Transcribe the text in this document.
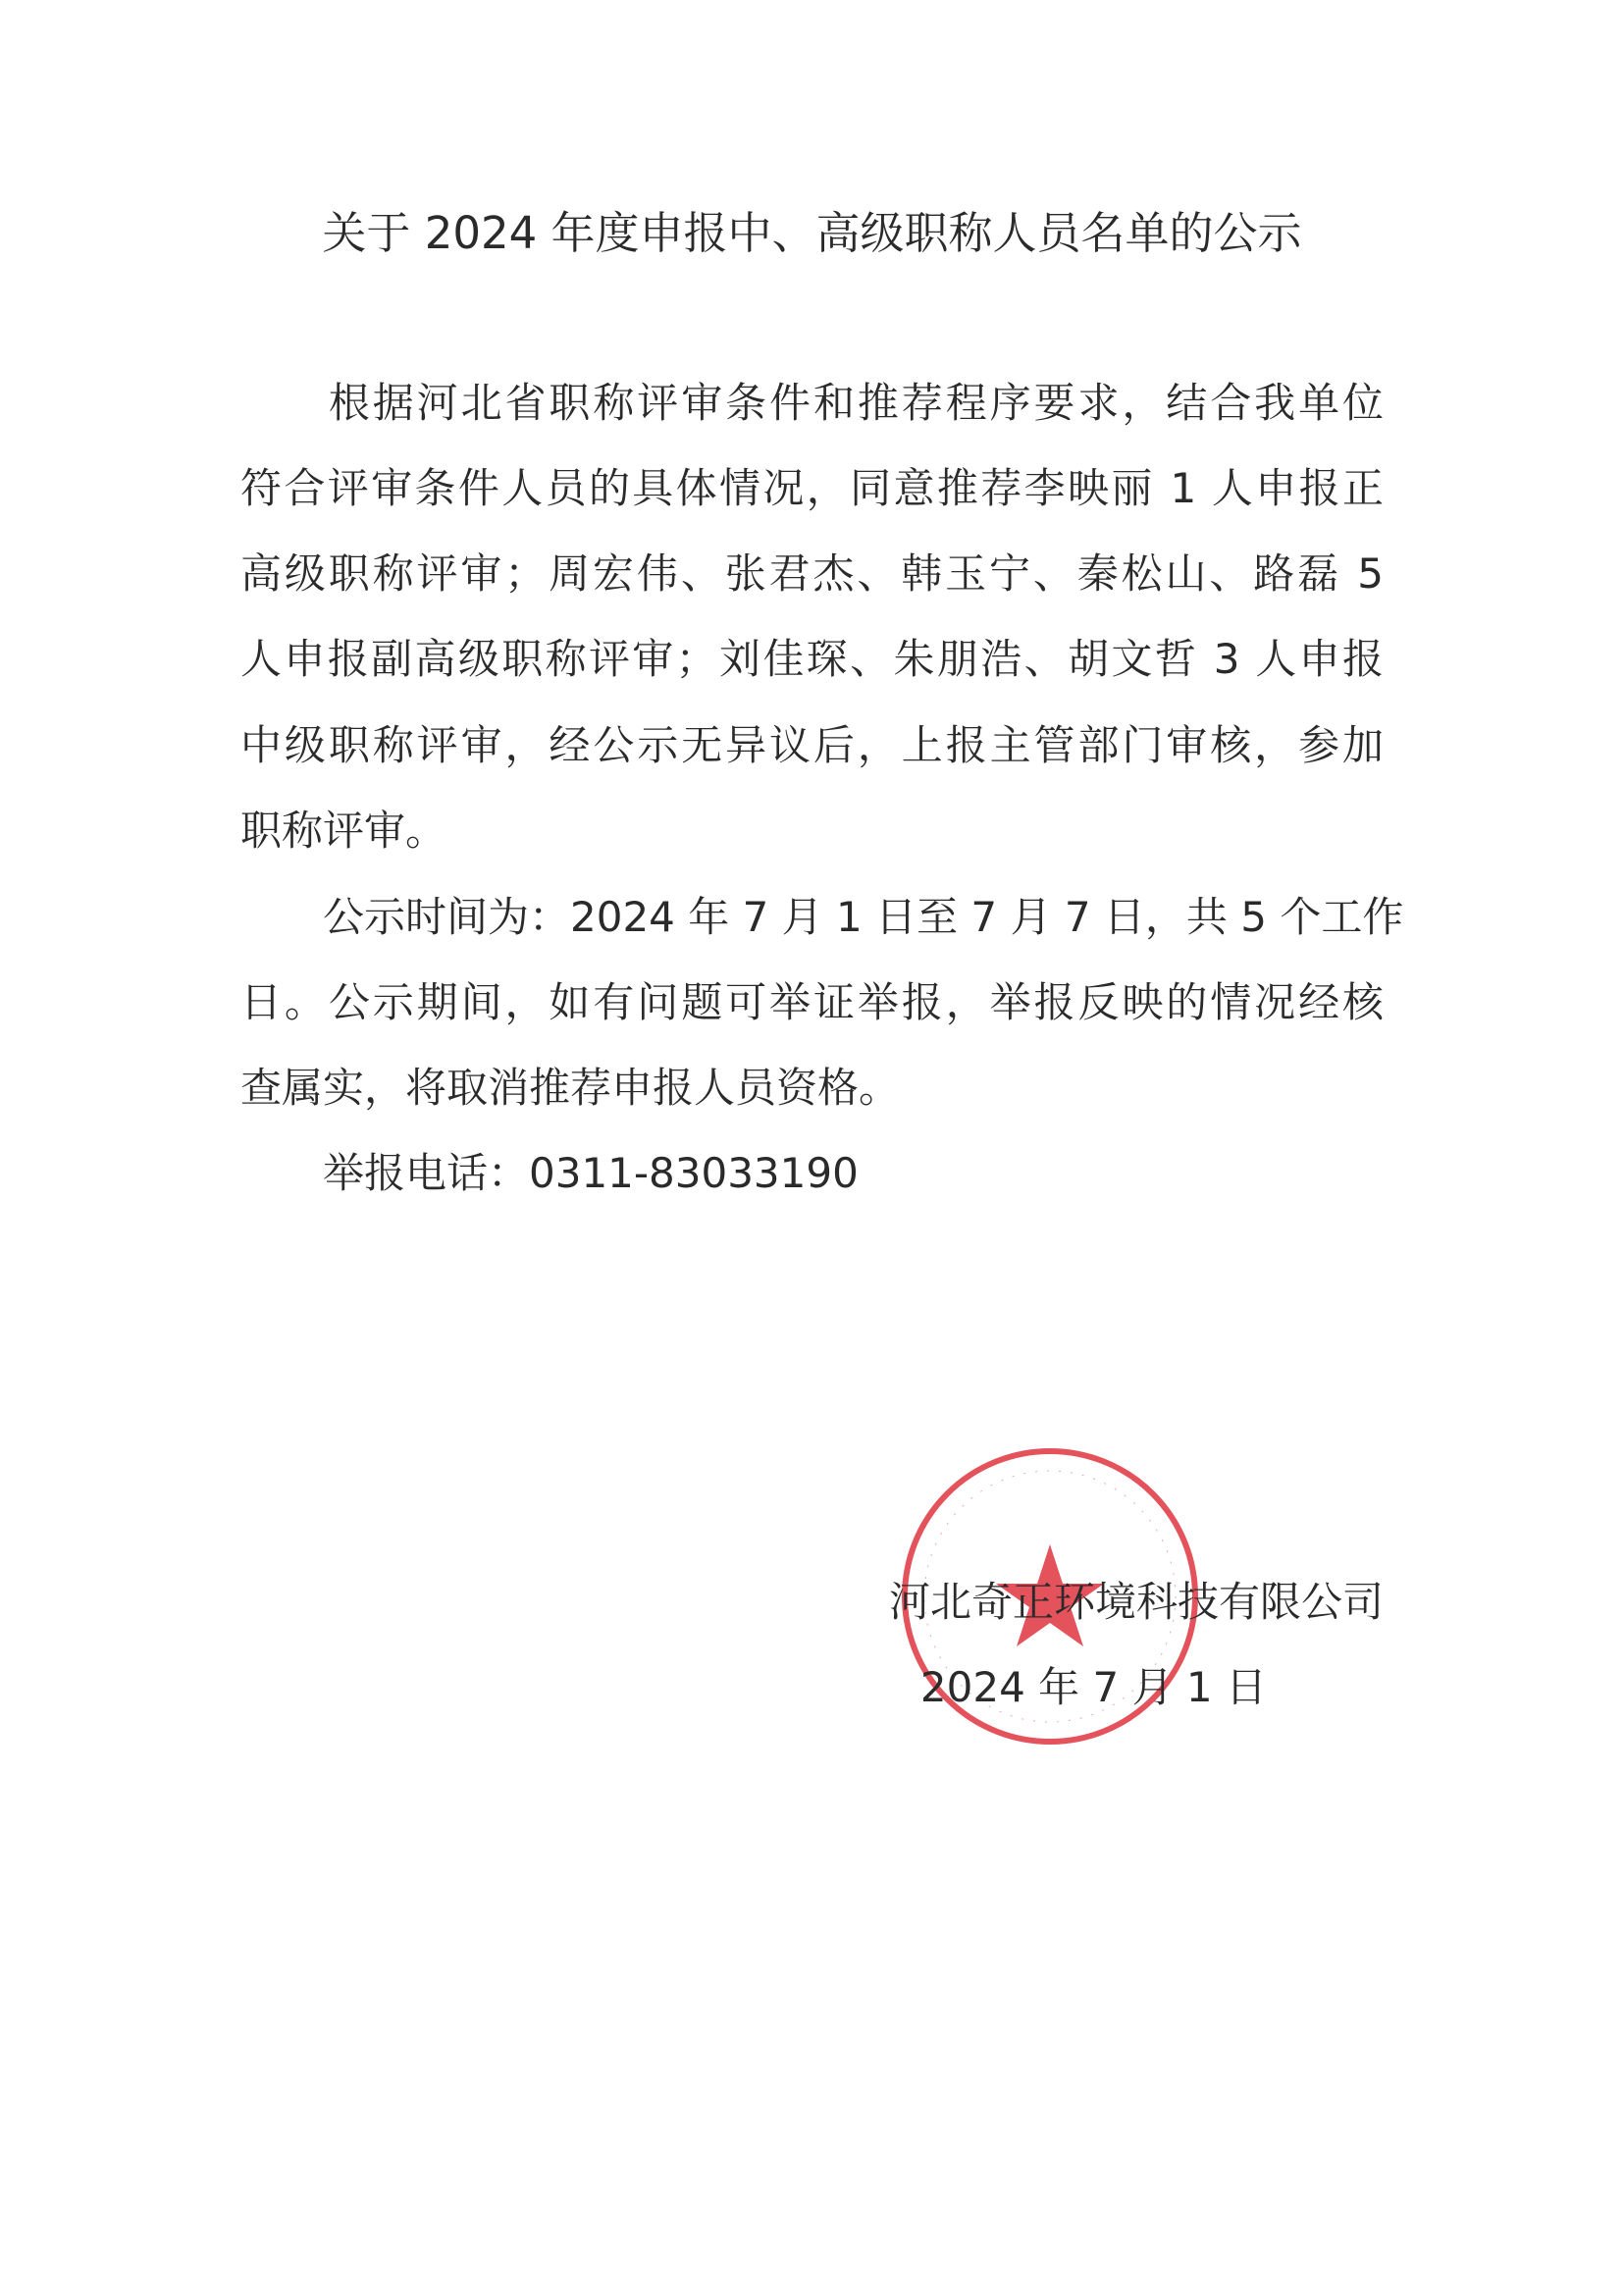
关于 2024 年度申报中、高级职称人员名单的公示
　　根据河北省职称评审条件和推荐程序要求，结合我单位
符合评审条件人员的具体情况，同意推荐李映丽 1 人申报正
高级职称评审；周宏伟、张君杰、韩玉宁、秦松山、路磊 5
人申报副高级职称评审；刘佳琛、朱朋浩、胡文哲 3 人申报
中级职称评审，经公示无异议后，上报主管部门审核，参加
职称评审。
　　公示时间为：2024 年 7 月 1 日至 7 月 7 日，共 5 个工作
日。公示期间，如有问题可举证举报，举报反映的情况经核
查属实，将取消推荐申报人员资格。
　　举报电话：0311-83033190
河北奇正环境科技有限公司
2024 年 7 月 1 日
